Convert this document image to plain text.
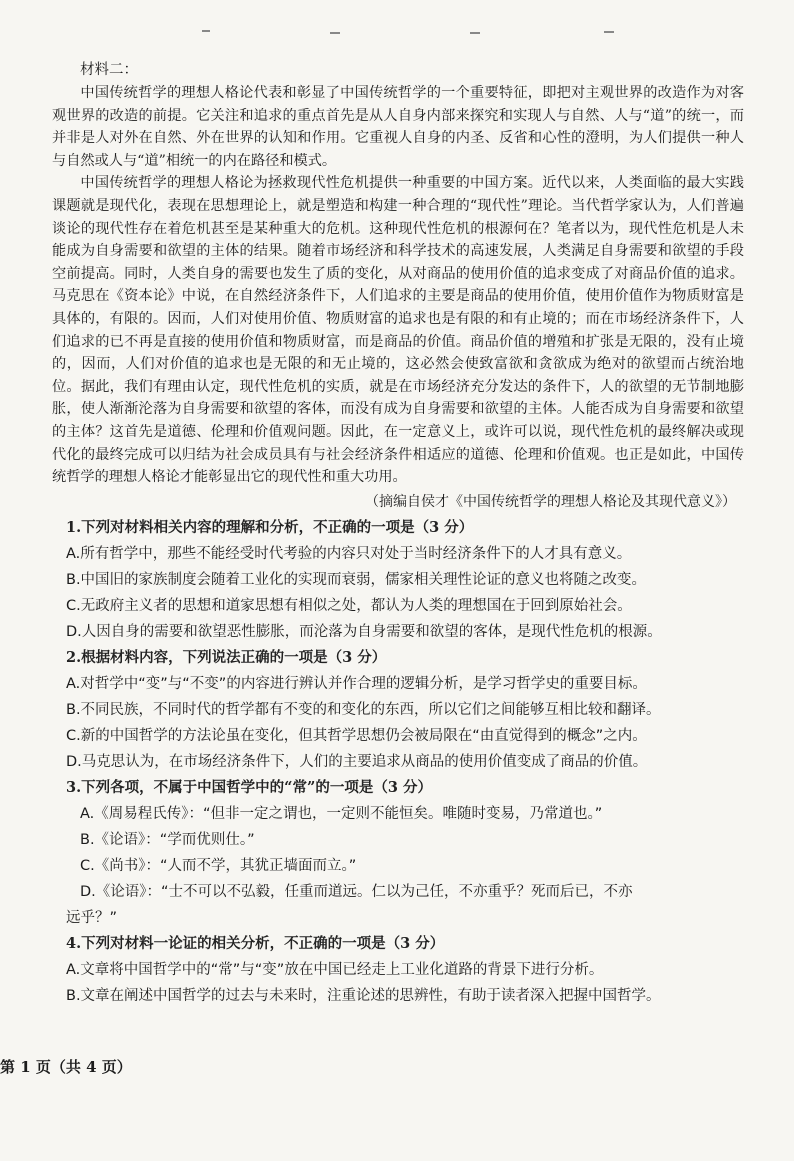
材料二：

中国传统哲学的理想人格论代表和彰显了中国传统哲学的一个重要特征，即把对主观世界的改造作为对客观世界的改造的前提。它关注和追求的重点首先是从人自身内部来探究和实现人与自然、人与“道”的统一，而并非是人对外在自然、外在世界的认知和作用。它重视人自身的内圣、反省和心性的澄明，为人们提供一种人与自然或人与“道”相统一的内在路径和模式。

中国传统哲学的理想人格论为拯救现代性危机提供一种重要的中国方案。近代以来，人类面临的最大实践课题就是现代化，表现在思想理论上，就是塑造和构建一种合理的“现代性”理论。当代哲学家认为，人们普遍谈论的现代性存在着危机甚至是某种重大的危机。这种现代性危机的根源何在？笔者以为，现代性危机是人未能成为自身需要和欲望的主体的结果。随着市场经济和科学技术的高速发展，人类满足自身需要和欲望的手段空前提高。同时，人类自身的需要也发生了质的变化，从对商品的使用价值的追求变成了对商品价值的追求。马克思在《资本论》中说，在自然经济条件下，人们追求的主要是商品的使用价值，使用价值作为物质财富是具体的，有限的。因而，人们对使用价值、物质财富的追求也是有限的和有止境的；而在市场经济条件下，人们追求的已不再是直接的使用价值和物质财富，而是商品的价值。商品价值的增殖和扩张是无限的，没有止境的，因而，人们对价值的追求也是无限的和无止境的，这必然会使致富欲和贪欲成为绝对的欲望而占统治地位。据此，我们有理由认定，现代性危机的实质，就是在市场经济充分发达的条件下，人的欲望的无节制地膨胀，使人渐渐沦落为自身需要和欲望的客体，而没有成为自身需要和欲望的主体。人能否成为自身需要和欲望的主体？这首先是道德、伦理和价值观问题。因此，在一定意义上，或许可以说，现代性危机的最终解决或现代化的最终完成可以归结为社会成员具有与社会经济条件相适应的道德、伦理和价值观。也正是如此，中国传统哲学的理想人格论才能彰显出它的现代性和重大功用。

（摘编自侯才《中国传统哲学的理想人格论及其现代意义》）

1.下列对材料相关内容的理解和分析，不正确的一项是（3 分）

A.所有哲学中，那些不能经受时代考验的内容只对处于当时经济条件下的人才具有意义。

B.中国旧的家族制度会随着工业化的实现而衰弱，儒家相关理性论证的意义也将随之改变。

C.无政府主义者的思想和道家思想有相似之处，都认为人类的理想国在于回到原始社会。

D.人因自身的需要和欲望恶性膨胀，而沦落为自身需要和欲望的客体，是现代性危机的根源。

2.根据材料内容，下列说法正确的一项是（3 分）

A.对哲学中“变”与“不变”的内容进行辨认并作合理的逻辑分析，是学习哲学史的重要目标。

B.不同民族，不同时代的哲学都有不变的和变化的东西，所以它们之间能够互相比较和翻译。

C.新的中国哲学的方法论虽在变化，但其哲学思想仍会被局限在“由直觉得到的概念”之内。

D.马克思认为，在市场经济条件下，人们的主要追求从商品的使用价值变成了商品的价值。

3.下列各项，不属于中国哲学中的“常”的一项是（3 分）

A.《周易程氏传》：“但非一定之谓也，一定则不能恒矣。唯随时变易，乃常道也。”

B.《论语》：“学而优则仕。”

C.《尚书》：“人而不学，其犹正墙面而立。”

D.《论语》：“士不可以不弘毅，任重而道远。仁以为己任，不亦重乎？死而后已，不亦

远乎？”

4.下列对材料一论证的相关分析，不正确的一项是（3 分）

A.文章将中国哲学中的“常”与“变”放在中国已经走上工业化道路的背景下进行分析。

B.文章在阐述中国哲学的过去与未来时，注重论述的思辨性，有助于读者深入把握中国哲学。

第 1 页（共 4 页）
